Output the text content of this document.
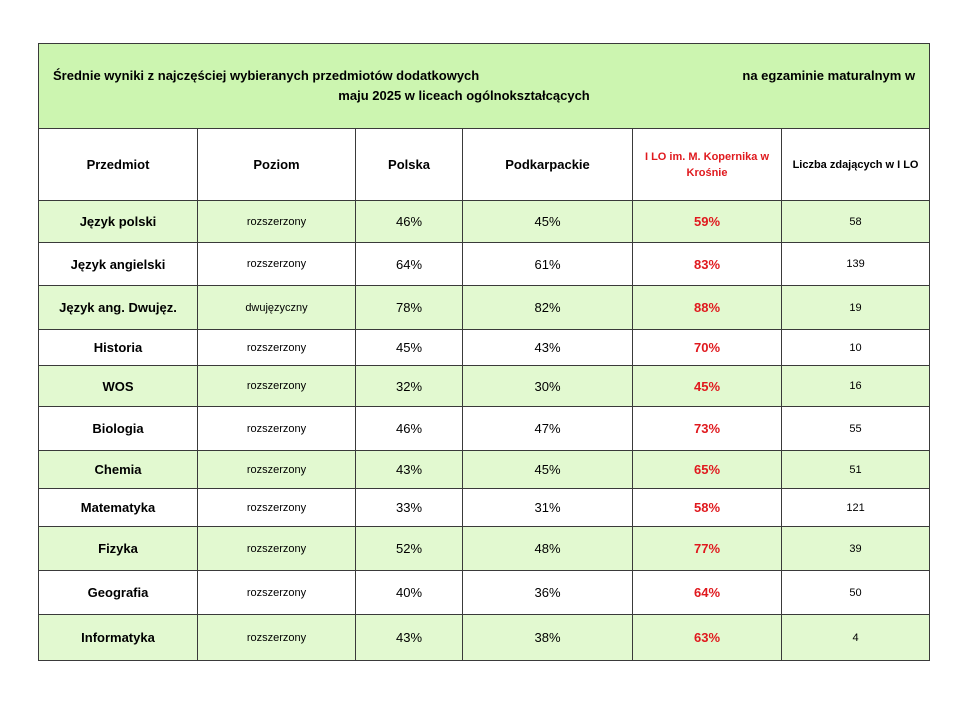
Średnie wyniki z najczęściej wybieranych przedmiotów dodatkowych na egzaminie maturalnym w
maju 2025 w liceach ogólnokształcących					

Przedmiot	Poziom	Polska	Podkarpackie	I LO im. M. Kopernika w Krośnie	Liczba zdających w I LO
Język polski	rozszerzony	46%	45%	59%	58
Język angielski	rozszerzony	64%	61%	83%	139
Język ang. Dwujęz.	dwujęzyczny	78%	82%	88%	19
Historia	rozszerzony	45%	43%	70%	10
WOS	rozszerzony	32%	30%	45%	16
Biologia	rozszerzony	46%	47%	73%	55
Chemia	rozszerzony	43%	45%	65%	51
Matematyka	rozszerzony	33%	31%	58%	121
Fizyka	rozszerzony	52%	48%	77%	39
Geografia	rozszerzony	40%	36%	64%	50
Informatyka	rozszerzony	43%	38%	63%	4
